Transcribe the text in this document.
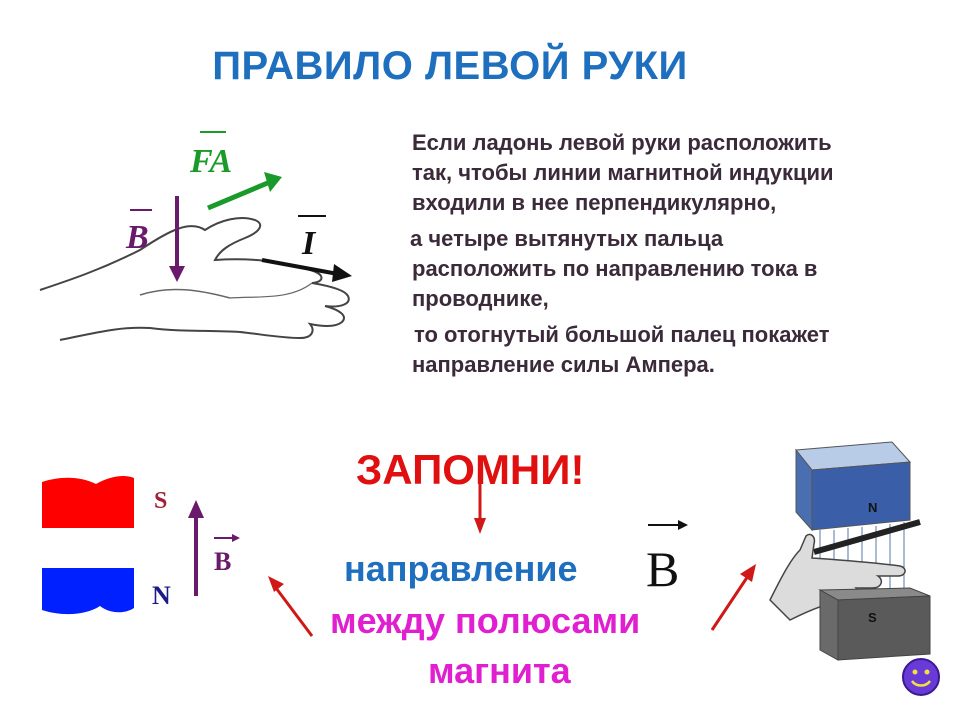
ПРАВИЛО ЛЕВОЙ РУКИ
FA
B	I
Если ладонь левой руки расположить
так, чтобы линии магнитной индукции
входили в нее перпендикулярно,
а четыре вытянутых пальца
расположить по направлению тока в
проводнике,
то отогнутый большой палец покажет
направление силы Ампера.
ЗАПОМНИ!
направление B
между полюсами
магнита
S
N
B
N
S
